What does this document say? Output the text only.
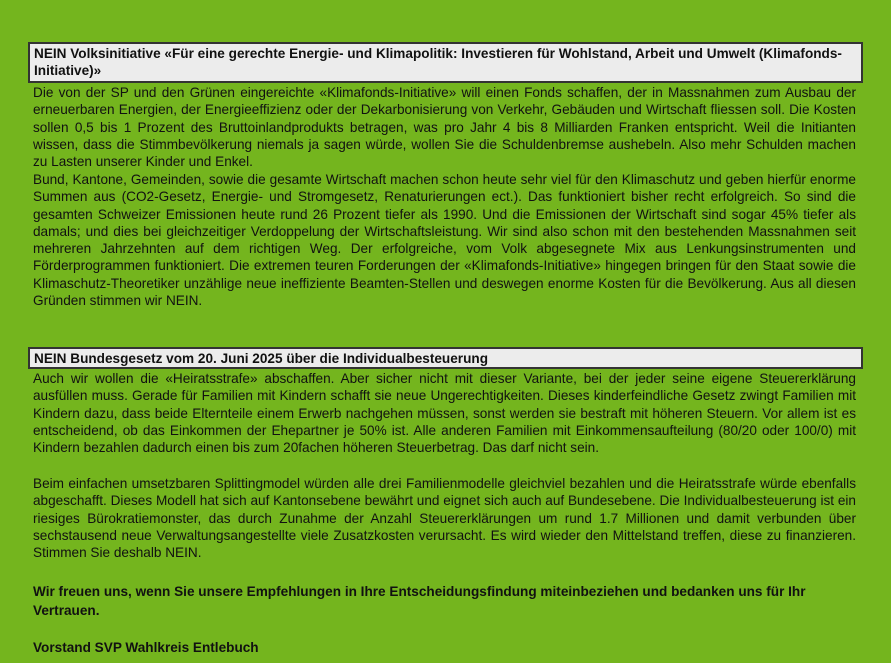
NEIN Volksinitiative «Für eine gerechte Energie- und Klimapolitik: Investieren für Wohlstand, Arbeit und Umwelt (Klimafonds-Initiative)»

Die von der SP und den Grünen eingereichte «Klimafonds-Initiative» will einen Fonds schaffen, der in Massnahmen zum Ausbau der erneuerbaren Energien, der Energieeffizienz oder der Dekarbonisierung von Verkehr, Gebäuden und Wirtschaft fliessen soll. Die Kosten sollen 0,5 bis 1 Prozent des Bruttoinlandprodukts betragen, was pro Jahr 4 bis 8 Milliarden Franken entspricht. Weil die Initianten wissen, dass die Stimmbevölkerung niemals ja sagen würde, wollen Sie die Schuldenbremse aushebeln. Also mehr Schulden machen zu Lasten unserer Kinder und Enkel.

Bund, Kantone, Gemeinden, sowie die gesamte Wirtschaft machen schon heute sehr viel für den Klimaschutz und geben hierfür enorme Summen aus (CO2-Gesetz, Energie- und Stromgesetz, Renaturierungen ect.). Das funktioniert bisher recht erfolgreich. So sind die gesamten Schweizer Emissionen heute rund 26 Prozent tiefer als 1990. Und die Emissionen der Wirtschaft sind sogar 45% tiefer als damals; und dies bei gleichzeitiger Verdoppelung der Wirtschaftsleistung. Wir sind also schon mit den bestehenden Massnahmen seit mehreren Jahrzehnten auf dem richtigen Weg. Der erfolgreiche, vom Volk abgesegnete Mix aus Lenkungsinstrumenten und Förderprogrammen funktioniert. Die extremen teuren Forderungen der «Klimafonds-Initiative» hingegen bringen für den Staat sowie die Klimaschutz-Theoretiker unzählige neue ineffiziente Beamten-Stellen und deswegen enorme Kosten für die Bevölkerung. Aus all diesen Gründen stimmen wir NEIN.

NEIN Bundesgesetz vom 20. Juni 2025 über die Individualbesteuerung

Auch wir wollen die «Heiratsstrafe» abschaffen. Aber sicher nicht mit dieser Variante, bei der jeder seine eigene Steuererklärung ausfüllen muss. Gerade für Familien mit Kindern schafft sie neue Ungerechtigkeiten. Dieses kinderfeindliche Gesetz zwingt Familien mit Kindern dazu, dass beide Elternteile einem Erwerb nachgehen müssen, sonst werden sie bestraft mit höheren Steuern. Vor allem ist es entscheidend, ob das Einkommen der Ehepartner je 50% ist. Alle anderen Familien mit Einkommensaufteilung (80/20 oder 100/0) mit Kindern bezahlen dadurch einen bis zum 20fachen höheren Steuerbetrag. Das darf nicht sein.

Beim einfachen umsetzbaren Splittingmodel würden alle drei Familienmodelle gleichviel bezahlen und die Heiratsstrafe würde ebenfalls abgeschafft. Dieses Modell hat sich auf Kantonsebene bewährt und eignet sich auch auf Bundesebene. Die Individualbesteuerung ist ein riesiges Bürokratiemonster, das durch Zunahme der Anzahl Steuererklärungen um rund 1.7 Millionen und damit verbunden über sechstausend neue Verwaltungsangestellte viele Zusatzkosten verursacht. Es wird wieder den Mittelstand treffen, diese zu finanzieren. Stimmen Sie deshalb NEIN.

Wir freuen uns, wenn Sie unsere Empfehlungen in Ihre Entscheidungsfindung miteinbeziehen und bedanken uns für Ihr Vertrauen.

Vorstand SVP Wahlkreis Entlebuch
